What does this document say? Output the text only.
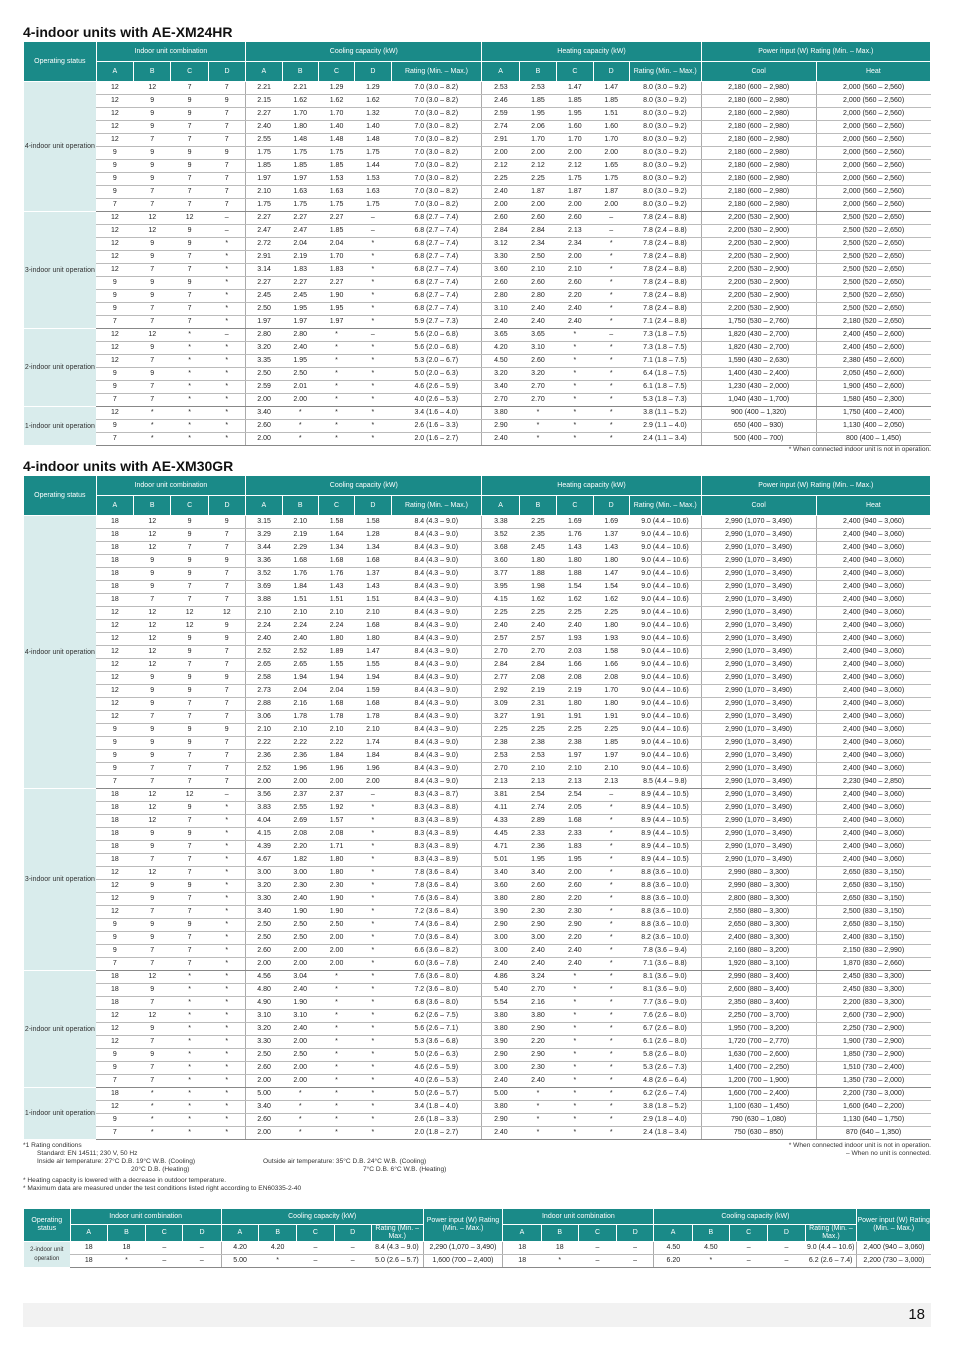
4-indoor units with AE-XM24HR
Operating status	Indoor unit combination				Cooling capacity (kW)					Heating capacity (kW)					Power input (W) Rating (Min. – Max.)	
	A	B	C	D	A	B	C	D	Rating (Min. – Max.)	A	B	C	D	Rating (Min. – Max.)	Cool	Heat
4-indoor unit operation	12	12	7	7	2.21	2.21	1.29	1.29	7.0 (3.0 – 8.2)	2.53	2.53	1.47	1.47	8.0 (3.0 – 9.2)	2,180 (600 – 2,980)	2,000 (560 – 2,560)
	12	9	9	9	2.15	1.62	1.62	1.62	7.0 (3.0 – 8.2)	2.46	1.85	1.85	1.85	8.0 (3.0 – 9.2)	2,180 (600 – 2,980)	2,000 (560 – 2,560)
	12	9	9	7	2.27	1.70	1.70	1.32	7.0 (3.0 – 8.2)	2.59	1.95	1.95	1.51	8.0 (3.0 – 9.2)	2,180 (600 – 2,980)	2,000 (560 – 2,560)
	12	9	7	7	2.40	1.80	1.40	1.40	7.0 (3.0 – 8.2)	2.74	2.06	1.60	1.60	8.0 (3.0 – 9.2)	2,180 (600 – 2,980)	2,000 (560 – 2,560)
	12	7	7	7	2.55	1.48	1.48	1.48	7.0 (3.0 – 8.2)	2.91	1.70	1.70	1.70	8.0 (3.0 – 9.2)	2,180 (600 – 2,980)	2,000 (560 – 2,560)
	9	9	9	9	1.75	1.75	1.75	1.75	7.0 (3.0 – 8.2)	2.00	2.00	2.00	2.00	8.0 (3.0 – 9.2)	2,180 (600 – 2,980)	2,000 (560 – 2,560)
	9	9	9	7	1.85	1.85	1.85	1.44	7.0 (3.0 – 8.2)	2.12	2.12	2.12	1.65	8.0 (3.0 – 9.2)	2,180 (600 – 2,980)	2,000 (560 – 2,560)
	9	9	7	7	1.97	1.97	1.53	1.53	7.0 (3.0 – 8.2)	2.25	2.25	1.75	1.75	8.0 (3.0 – 9.2)	2,180 (600 – 2,980)	2,000 (560 – 2,560)
	9	7	7	7	2.10	1.63	1.63	1.63	7.0 (3.0 – 8.2)	2.40	1.87	1.87	1.87	8.0 (3.0 – 9.2)	2,180 (600 – 2,980)	2,000 (560 – 2,560)
	7	7	7	7	1.75	1.75	1.75	1.75	7.0 (3.0 – 8.2)	2.00	2.00	2.00	2.00	8.0 (3.0 – 9.2)	2,180 (600 – 2,980)	2,000 (560 – 2,560)
3-indoor unit operation	12	12	12	–	2.27	2.27	2.27	–	6.8 (2.7 – 7.4)	2.60	2.60	2.60	–	7.8 (2.4 – 8.8)	2,200 (530 – 2,900)	2,500 (520 – 2,650)
	12	12	9	–	2.47	2.47	1.85	–	6.8 (2.7 – 7.4)	2.84	2.84	2.13	–	7.8 (2.4 – 8.8)	2,200 (530 – 2,900)	2,500 (520 – 2,650)
	12	9	9	*	2.72	2.04	2.04	*	6.8 (2.7 – 7.4)	3.12	2.34	2.34	*	7.8 (2.4 – 8.8)	2,200 (530 – 2,900)	2,500 (520 – 2,650)
	12	9	7	*	2.91	2.19	1.70	*	6.8 (2.7 – 7.4)	3.30	2.50	2.00	*	7.8 (2.4 – 8.8)	2,200 (530 – 2,900)	2,500 (520 – 2,650)
	12	7	7	*	3.14	1.83	1.83	*	6.8 (2.7 – 7.4)	3.60	2.10	2.10	*	7.8 (2.4 – 8.8)	2,200 (530 – 2,900)	2,500 (520 – 2,650)
	9	9	9	*	2.27	2.27	2.27	*	6.8 (2.7 – 7.4)	2.60	2.60	2.60	*	7.8 (2.4 – 8.8)	2,200 (530 – 2,900)	2,500 (520 – 2,650)
	9	9	7	*	2.45	2.45	1.90	*	6.8 (2.7 – 7.4)	2.80	2.80	2.20	*	7.8 (2.4 – 8.8)	2,200 (530 – 2,900)	2,500 (520 – 2,650)
	9	7	7	*	2.50	1.95	1.95	*	6.8 (2.7 – 7.4)	3.10	2.40	2.40	*	7.8 (2.4 – 8.8)	2,200 (530 – 2,900)	2,500 (520 – 2,650)
	7	7	7	*	1.97	1.97	1.97	*	5.9 (2.7 – 7.3)	2.40	2.40	2.40	*	7.1 (2.4 – 8.8)	1,750 (530 – 2,760)	2,180 (520 – 2,650)
2-indoor unit operation	12	12	*	–	2.80	2.80	*	–	5.6 (2.0 – 6.8)	3.65	3.65	*	–	7.3 (1.8 – 7.5)	1,820 (430 – 2,700)	2,400 (450 – 2,600)
	12	9	*	*	3.20	2.40	*	*	5.6 (2.0 – 6.8)	4.20	3.10	*	*	7.3 (1.8 – 7.5)	1,820 (430 – 2,700)	2,400 (450 – 2,600)
	12	7	*	*	3.35	1.95	*	*	5.3 (2.0 – 6.7)	4.50	2.60	*	*	7.1 (1.8 – 7.5)	1,590 (430 – 2,630)	2,380 (450 – 2,600)
	9	9	*	*	2.50	2.50	*	*	5.0 (2.0 – 6.3)	3.20	3.20	*	*	6.4 (1.8 – 7.5)	1,400 (430 – 2,400)	2,050 (450 – 2,600)
	9	7	*	*	2.59	2.01	*	*	4.6 (2.6 – 5.9)	3.40	2.70	*	*	6.1 (1.8 – 7.5)	1,230 (430 – 2,000)	1,900 (450 – 2,600)
	7	7	*	*	2.00	2.00	*	*	4.0 (2.6 – 5.3)	2.70	2.70	*	*	5.3 (1.8 – 7.3)	1,040 (430 – 1,700)	1,580 (450 – 2,300)
1-indoor unit operation	12	*	*	*	3.40	*	*	*	3.4 (1.6 – 4.0)	3.80	*	*	*	3.8 (1.1 – 5.2)	900 (400 – 1,320)	1,750 (400 – 2,400)
	9	*	*	*	2.60	*	*	*	2.6 (1.6 – 3.3)	2.90	*	*	*	2.9 (1.1 – 4.0)	650 (400 – 930)	1,130 (400 – 2,050)
	7	*	*	*	2.00	*	*	*	2.0 (1.6 – 2.7)	2.40	*	*	*	2.4 (1.1 – 3.4)	500 (400 – 700)	800 (400 – 1,450)
* When connected indoor unit is not in operation.
4-indoor units with AE-XM30GR
Operating status	Indoor unit combination				Cooling capacity (kW)					Heating capacity (kW)					Power input (W) Rating (Min. – Max.)	
	A	B	C	D	A	B	C	D	Rating (Min. – Max.)	A	B	C	D	Rating (Min. – Max.)	Cool	Heat
4-indoor unit operation	18	12	9	9	3.15	2.10	1.58	1.58	8.4 (4.3 – 9.0)	3.38	2.25	1.69	1.69	9.0 (4.4 – 10.6)	2,990 (1,070 – 3,490)	2,400 (940 – 3,060)
	18	12	9	7	3.29	2.19	1.64	1.28	8.4 (4.3 – 9.0)	3.52	2.35	1.76	1.37	9.0 (4.4 – 10.6)	2,990 (1,070 – 3,490)	2,400 (940 – 3,060)
	18	12	7	7	3.44	2.29	1.34	1.34	8.4 (4.3 – 9.0)	3.68	2.45	1.43	1.43	9.0 (4.4 – 10.6)	2,990 (1,070 – 3,490)	2,400 (940 – 3,060)
	18	9	9	9	3.36	1.68	1.68	1.68	8.4 (4.3 – 9.0)	3.60	1.80	1.80	1.80	9.0 (4.4 – 10.6)	2,990 (1,070 – 3,490)	2,400 (940 – 3,060)
	18	9	9	7	3.52	1.76	1.76	1.37	8.4 (4.3 – 9.0)	3.77	1.88	1.88	1.47	9.0 (4.4 – 10.6)	2,990 (1,070 – 3,490)	2,400 (940 – 3,060)
	18	9	7	7	3.69	1.84	1.43	1.43	8.4 (4.3 – 9.0)	3.95	1.98	1.54	1.54	9.0 (4.4 – 10.6)	2,990 (1,070 – 3,490)	2,400 (940 – 3,060)
	18	7	7	7	3.88	1.51	1.51	1.51	8.4 (4.3 – 9.0)	4.15	1.62	1.62	1.62	9.0 (4.4 – 10.6)	2,990 (1,070 – 3,490)	2,400 (940 – 3,060)
	12	12	12	12	2.10	2.10	2.10	2.10	8.4 (4.3 – 9.0)	2.25	2.25	2.25	2.25	9.0 (4.4 – 10.6)	2,990 (1,070 – 3,490)	2,400 (940 – 3,060)
	12	12	12	9	2.24	2.24	2.24	1.68	8.4 (4.3 – 9.0)	2.40	2.40	2.40	1.80	9.0 (4.4 – 10.6)	2,990 (1,070 – 3,490)	2,400 (940 – 3,060)
	12	12	9	9	2.40	2.40	1.80	1.80	8.4 (4.3 – 9.0)	2.57	2.57	1.93	1.93	9.0 (4.4 – 10.6)	2,990 (1,070 – 3,490)	2,400 (940 – 3,060)
	12	12	9	7	2.52	2.52	1.89	1.47	8.4 (4.3 – 9.0)	2.70	2.70	2.03	1.58	9.0 (4.4 – 10.6)	2,990 (1,070 – 3,490)	2,400 (940 – 3,060)
	12	12	7	7	2.65	2.65	1.55	1.55	8.4 (4.3 – 9.0)	2.84	2.84	1.66	1.66	9.0 (4.4 – 10.6)	2,990 (1,070 – 3,490)	2,400 (940 – 3,060)
	12	9	9	9	2.58	1.94	1.94	1.94	8.4 (4.3 – 9.0)	2.77	2.08	2.08	2.08	9.0 (4.4 – 10.6)	2,990 (1,070 – 3,490)	2,400 (940 – 3,060)
	12	9	9	7	2.73	2.04	2.04	1.59	8.4 (4.3 – 9.0)	2.92	2.19	2.19	1.70	9.0 (4.4 – 10.6)	2,990 (1,070 – 3,490)	2,400 (940 – 3,060)
	12	9	7	7	2.88	2.16	1.68	1.68	8.4 (4.3 – 9.0)	3.09	2.31	1.80	1.80	9.0 (4.4 – 10.6)	2,990 (1,070 – 3,490)	2,400 (940 – 3,060)
	12	7	7	7	3.06	1.78	1.78	1.78	8.4 (4.3 – 9.0)	3.27	1.91	1.91	1.91	9.0 (4.4 – 10.6)	2,990 (1,070 – 3,490)	2,400 (940 – 3,060)
	9	9	9	9	2.10	2.10	2.10	2.10	8.4 (4.3 – 9.0)	2.25	2.25	2.25	2.25	9.0 (4.4 – 10.6)	2,990 (1,070 – 3,490)	2,400 (940 – 3,060)
	9	9	9	7	2.22	2.22	2.22	1.74	8.4 (4.3 – 9.0)	2.38	2.38	2.38	1.85	9.0 (4.4 – 10.6)	2,990 (1,070 – 3,490)	2,400 (940 – 3,060)
	9	9	7	7	2.36	2.36	1.84	1.84	8.4 (4.3 – 9.0)	2.53	2.53	1.97	1.97	9.0 (4.4 – 10.6)	2,990 (1,070 – 3,490)	2,400 (940 – 3,060)
	9	7	7	7	2.52	1.96	1.96	1.96	8.4 (4.3 – 9.0)	2.70	2.10	2.10	2.10	9.0 (4.4 – 10.6)	2,990 (1,070 – 3,490)	2,400 (940 – 3,060)
	7	7	7	7	2.00	2.00	2.00	2.00	8.4 (4.3 – 9.0)	2.13	2.13	2.13	2.13	8.5 (4.4 – 9.8)	2,990 (1,070 – 3,490)	2,230 (940 – 2,850)
3-indoor unit operation	18	12	12	–	3.56	2.37	2.37	–	8.3 (4.3 – 8.7)	3.81	2.54	2.54	–	8.9 (4.4 – 10.5)	2,990 (1,070 – 3,490)	2,400 (940 – 3,060)
	18	12	9	*	3.83	2.55	1.92	*	8.3 (4.3 – 8.8)	4.11	2.74	2.05	*	8.9 (4.4 – 10.5)	2,990 (1,070 – 3,490)	2,400 (940 – 3,060)
	18	12	7	*	4.04	2.69	1.57	*	8.3 (4.3 – 8.9)	4.33	2.89	1.68	*	8.9 (4.4 – 10.5)	2,990 (1,070 – 3,490)	2,400 (940 – 3,060)
	18	9	9	*	4.15	2.08	2.08	*	8.3 (4.3 – 8.9)	4.45	2.33	2.33	*	8.9 (4.4 – 10.5)	2,990 (1,070 – 3,490)	2,400 (940 – 3,060)
	18	9	7	*	4.39	2.20	1.71	*	8.3 (4.3 – 8.9)	4.71	2.36	1.83	*	8.9 (4.4 – 10.5)	2,990 (1,070 – 3,490)	2,400 (940 – 3,060)
	18	7	7	*	4.67	1.82	1.80	*	8.3 (4.3 – 8.9)	5.01	1.95	1.95	*	8.9 (4.4 – 10.5)	2,990 (1,070 – 3,490)	2,400 (940 – 3,060)
	12	12	7	*	3.00	3.00	1.80	*	7.8 (3.6 – 8.4)	3.40	3.40	2.00	*	8.8 (3.6 – 10.0)	2,990 (880 – 3,300)	2,650 (830 – 3,150)
	12	9	9	*	3.20	2.30	2.30	*	7.8 (3.6 – 8.4)	3.60	2.60	2.60	*	8.8 (3.6 – 10.0)	2,990 (880 – 3,300)	2,650 (830 – 3,150)
	12	9	7	*	3.30	2.40	1.90	*	7.6 (3.6 – 8.4)	3.80	2.80	2.20	*	8.8 (3.6 – 10.0)	2,800 (880 – 3,300)	2,650 (830 – 3,150)
	12	7	7	*	3.40	1.90	1.90	*	7.2 (3.6 – 8.4)	3.90	2.30	2.30	*	8.8 (3.6 – 10.0)	2,550 (880 – 3,300)	2,500 (830 – 3,150)
	9	9	9	*	2.50	2.50	2.50	*	7.4 (3.6 – 8.4)	2.90	2.90	2.90	*	8.8 (3.6 – 10.0)	2,650 (880 – 3,300)	2,650 (830 – 3,150)
	9	9	7	*	2.50	2.50	2.00	*	7.0 (3.6 – 8.4)	3.00	3.00	2.20	*	8.2 (3.6 – 10.0)	2,400 (880 – 3,300)	2,400 (830 – 3,150)
	9	7	7	*	2.60	2.00	2.00	*	6.6 (3.6 – 8.2)	3.00	2.40	2.40	*	7.8 (3.6 – 9.4)	2,160 (880 – 3,200)	2,150 (830 – 2,990)
	7	7	7	*	2.00	2.00	2.00	*	6.0 (3.6 – 7.8)	2.40	2.40	2.40	*	7.1 (3.6 – 8.8)	1,920 (880 – 3,100)	1,870 (830 – 2,660)
2-indoor unit operation	18	12	*	*	4.56	3.04	*	*	7.6 (3.6 – 8.0)	4.86	3.24	*	*	8.1 (3.6 – 9.0)	2,990 (880 – 3,400)	2,450 (830 – 3,300)
	18	9	*	*	4.80	2.40	*	*	7.2 (3.6 – 8.0)	5.40	2.70	*	*	8.1 (3.6 – 9.0)	2,600 (880 – 3,400)	2,450 (830 – 3,300)
	18	7	*	*	4.90	1.90	*	*	6.8 (3.6 – 8.0)	5.54	2.16	*	*	7.7 (3.6 – 9.0)	2,350 (880 – 3,400)	2,200 (830 – 3,300)
	12	12	*	*	3.10	3.10	*	*	6.2 (2.6 – 7.5)	3.80	3.80	*	*	7.6 (2.6 – 8.0)	2,250 (700 – 3,700)	2,600 (730 – 2,900)
	12	9	*	*	3.20	2.40	*	*	5.6 (2.6 – 7.1)	3.80	2.90	*	*	6.7 (2.6 – 8.0)	1,950 (700 – 3,200)	2,250 (730 – 2,900)
	12	7	*	*	3.30	2.00	*	*	5.3 (3.6 – 6.8)	3.90	2.20	*	*	6.1 (2.6 – 8.0)	1,720 (700 – 2,770)	1,900 (730 – 2,900)
	9	9	*	*	2.50	2.50	*	*	5.0 (2.6 – 6.3)	2.90	2.90	*	*	5.8 (2.6 – 8.0)	1,630 (700 – 2,600)	1,850 (730 – 2,900)
	9	7	*	*	2.60	2.00	*	*	4.6 (2.6 – 5.9)	3.00	2.30	*	*	5.3 (2.6 – 7.3)	1,400 (700 – 2,250)	1,510 (730 – 2,400)
	7	7	*	*	2.00	2.00	*	*	4.0 (2.6 – 5.3)	2.40	2.40	*	*	4.8 (2.6 – 6.4)	1,200 (700 – 1,900)	1,350 (730 – 2,000)
1-indoor unit operation	18	*	*	*	5.00	*	*	*	5.0 (2.6 – 5.7)	5.00	*	*	*	6.2 (2.6 – 7.4)	1,600 (700 – 2,400)	2,200 (730 – 3,000)
	12	*	*	*	3.40	*	*	*	3.4 (1.8 – 4.0)	3.80	*	*	*	3.8 (1.8 – 5.2)	1,100 (630 – 1,450)	1,600 (640 – 2,200)
	9	*	*	*	2.60	*	*	*	2.6 (1.8 – 3.3)	2.90	*	*	*	2.9 (1.8 – 4.0)	790 (630 – 1,080)	1,130 (640 – 1,750)
	7	*	*	*	2.00	*	*	*	2.0 (1.8 – 2.7)	2.40	*	*	*	2.4 (1.8 – 3.4)	750 (630 – 850)	870 (640 – 1,350)
*1 Rating conditions
Standard: EN 14511; 230 V, 50 Hz
Inside air temperature: 27°C D.B. 19°C W.B. (Cooling)	Outside air temperature: 35°C D.B. 24°C W.B. (Cooling)
20°C D.B. (Heating)	7°C D.B. 6°C W.B. (Heating)
* Heating capacity is lowered with a decrease in outdoor temperature.
* Maximum data are measured under the test conditions listed right according to EN60335-2-40
* When connected indoor unit is not in operation.
– When no unit is connected.
Operating status	Indoor unit combination				Cooling capacity (kW)					Power input (W) Rating (Min. – Max.)	Indoor unit combination				Cooling capacity (kW)					Power input (W) Rating (Min. – Max.)
	A	B	C	D	A	B	C	D	Rating (Min. – Max.)		A	B	C	D	A	B	C	D	Rating (Min. – Max.)	
2-indoor unit operation	18	18	–	–	4.20	4.20	–	–	8.4 (4.3 – 9.0)	2,290 (1,070 – 3,490)	18	18	–	–	4.50	4.50	–	–	9.0 (4.4 – 10.6)	2,400 (940 – 3,060)
	18	*	–	–	5.00	*	–	–	5.0 (2.6 – 5.7)	1,600 (700 – 2,400)	18	*	–	–	6.20	*	–	–	6.2 (2.6 – 7.4)	2,200 (730 – 3,000)
18
